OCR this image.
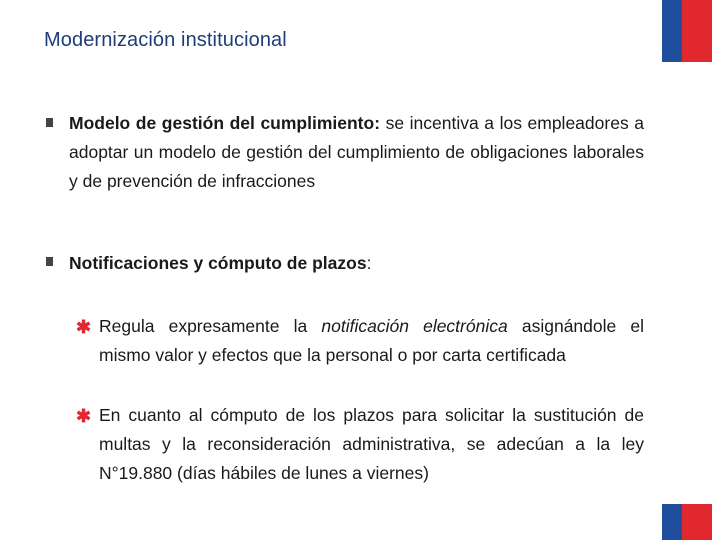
Modernización institucional
Modelo de gestión del cumplimiento: se incentiva a los empleadores a adoptar un modelo de gestión del cumplimiento de obligaciones laborales y de prevención de infracciones
Notificaciones y cómputo de plazos:
✱ Regula expresamente la notificación electrónica asignándole el mismo valor y efectos que la personal o por carta certificada
✱ En cuanto al cómputo de los plazos para solicitar la sustitución de multas y la reconsideración administrativa, se adecúan a la ley N°19.880 (días hábiles de lunes a viernes)
